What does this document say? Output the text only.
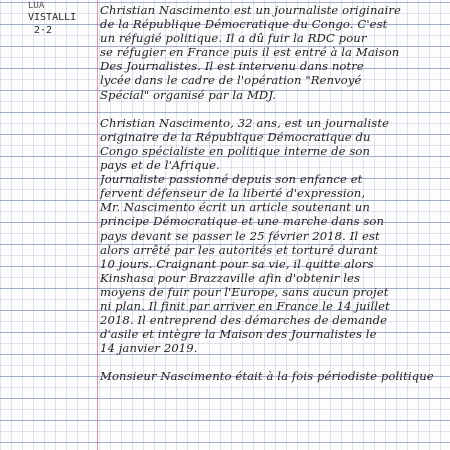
LUA
VISTALLI
2·2
Christian Nascimento est un journaliste originaire
de la République Démocratique du Congo. C'est
un réfugié politique. Il a dû fuir la RDC pour
se réfugier en France puis il est entré à la Maison
Des Journalistes. Il est intervenu dans notre
lycée dans le cadre de l'opération "Renvoyé
Spécial" organisé par la MDJ.
Christian Nascimento, 32 ans, est un journaliste
originaire de la République Démocratique du
Congo spécialiste en politique interne de son
pays et de l'Afrique.
Journaliste passionné depuis son enfance et
fervent défenseur de la liberté d'expression,
Mr. Nascimento écrit un article soutenant un
principe Démocratique et une marche dans son
pays devant se passer le 25 février 2018. Il est
alors arrêté par les autorités et torturé durant
10 jours. Craignant pour sa vie, il quitte alors
Kinshasa pour Brazzaville afin d'obtenir les
moyens de fuir pour l'Europe, sans aucun projet
ni plan. Il finit par arriver en France le 14 juillet
2018. Il entreprend des démarches de demande
d'asile et intègre la Maison des Journalistes le
14 janvier 2019.
Monsieur Nascimento était à la fois périodiste politique
